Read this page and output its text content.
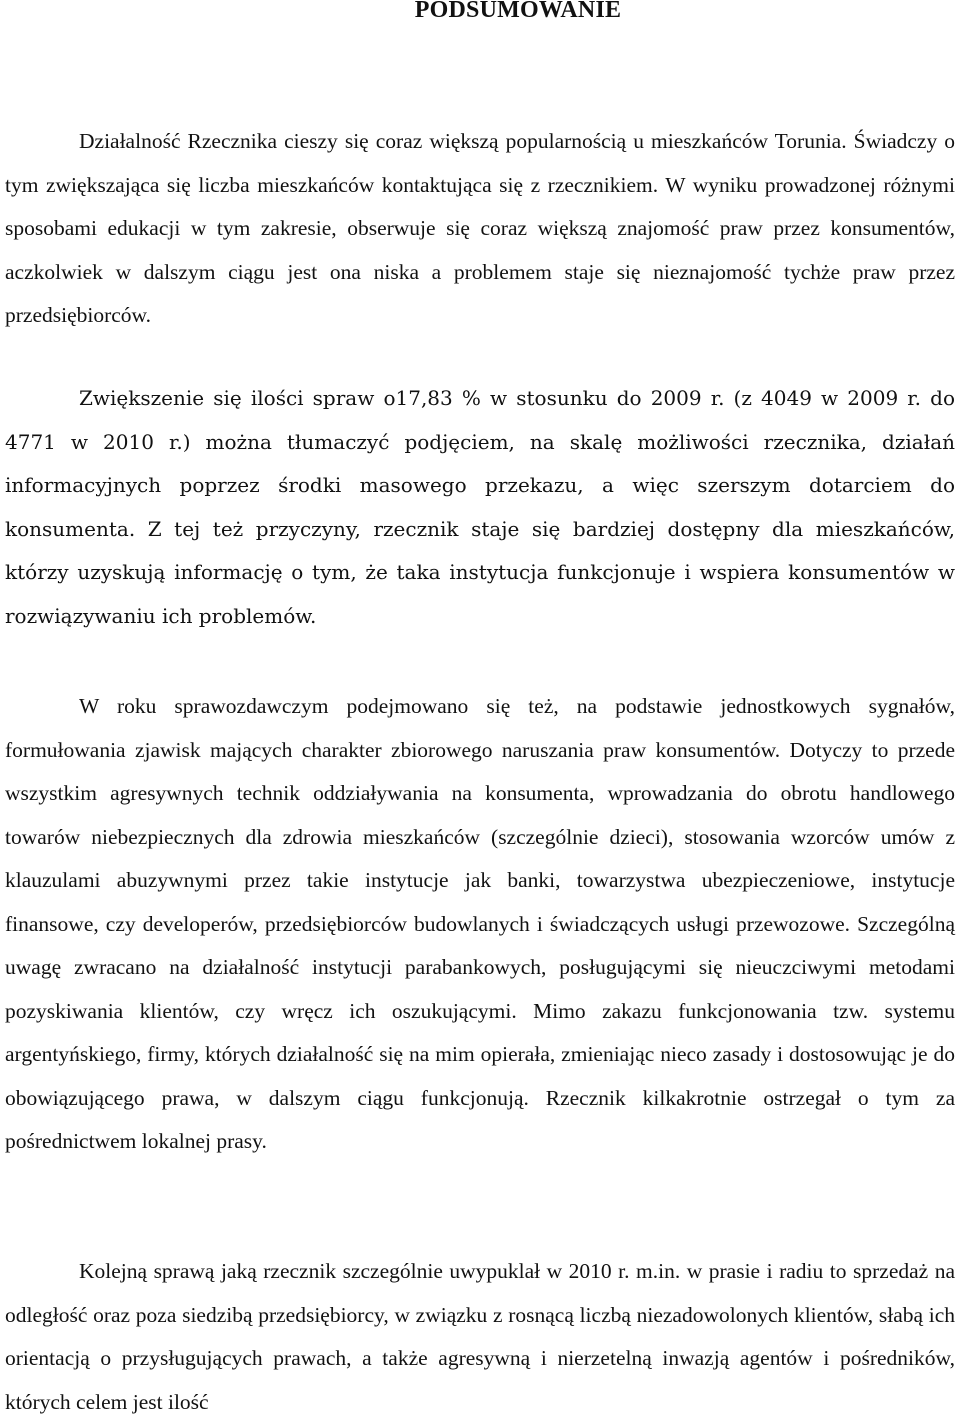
PODSUMOWANIE

Działalność Rzecznika cieszy się coraz większą popularnością u mieszkańców Torunia. Świadczy o tym zwiększająca się liczba mieszkańców kontaktująca się z rzecznikiem. W wyniku prowadzonej różnymi sposobami edukacji w tym zakresie, obserwuje się coraz większą znajomość praw przez konsumentów, aczkolwiek w dalszym ciągu jest ona niska a problemem staje się nieznajomość tychże praw przez przedsiębiorców.

Zwiększenie się ilości spraw o17,83 % w stosunku do 2009 r. (z 4049 w 2009 r. do 4771 w 2010 r.) można tłumaczyć podjęciem, na skalę możliwości rzecznika, działań informacyjnych poprzez środki masowego przekazu, a więc szerszym dotarciem do konsumenta. Z tej też przyczyny, rzecznik staje się bardziej dostępny dla mieszkańców, którzy uzyskują informację o tym, że taka instytucja funkcjonuje i wspiera konsumentów w rozwiązywaniu ich problemów.

W roku sprawozdawczym podejmowano się też, na podstawie jednostkowych sygnałów, formułowania zjawisk mających charakter zbiorowego naruszania praw konsumentów. Dotyczy to przede wszystkim agresywnych technik oddziaływania na konsumenta, wprowadzania do obrotu handlowego towarów niebezpiecznych dla zdrowia mieszkańców (szczególnie dzieci), stosowania wzorców umów z klauzulami abuzywnymi przez takie instytucje jak banki, towarzystwa ubezpieczeniowe, instytucje finansowe, czy developerów, przedsiębiorców budowlanych i świadczących usługi przewozowe. Szczególną uwagę zwracano na działalność instytucji parabankowych, posługującymi się nieuczciwymi metodami pozyskiwania klientów, czy wręcz ich oszukującymi. Mimo zakazu funkcjonowania tzw. systemu argentyńskiego, firmy, których działalność się na mim opierała, zmieniając nieco zasady i dostosowując je do obowiązującego prawa, w dalszym ciągu funkcjonują. Rzecznik kilkakrotnie ostrzegał o tym za pośrednictwem lokalnej prasy.

Kolejną sprawą jaką rzecznik szczególnie uwypuklał w 2010 r. m.in. w prasie i radiu to sprzedaż na odległość oraz poza siedzibą przedsiębiorcy, w związku z rosnącą liczbą niezadowolonych klientów, słabą ich orientacją o przysługujących prawach, a także agresywną i nierzetelną inwazją agentów i pośredników, których celem jest ilość
